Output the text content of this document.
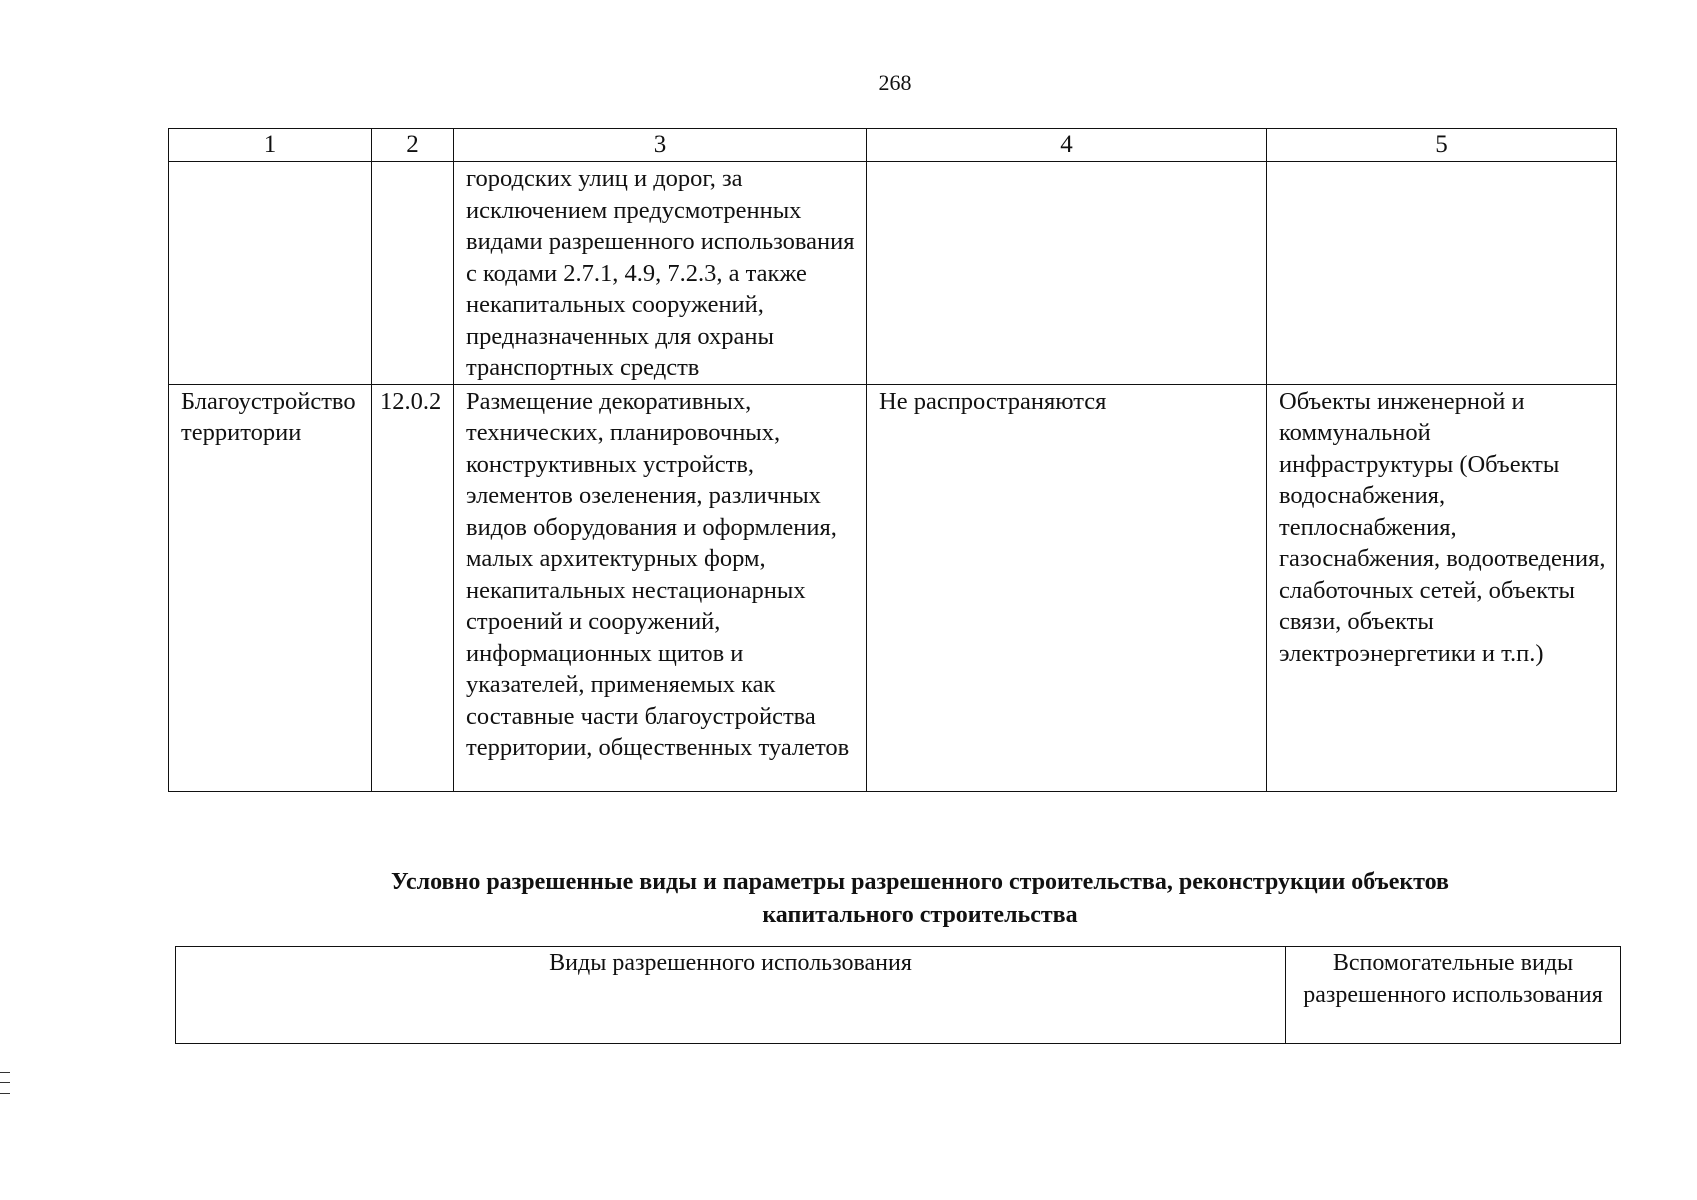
268
1	2	3	4	5
		городских улиц и дорог, за исключением предусмотренных видами разрешенного использования с кодами 2.7.1, 4.9, 7.2.3, а также некапитальных сооружений, предназначенных для охраны транспортных средств		
Благоустройство территории	12.0.2	Размещение декоративных, технических, планировочных, конструктивных устройств, элементов озеленения, различных видов оборудования и оформления, малых архитектурных форм, некапитальных нестационарных строений и сооружений, информационных щитов и указателей, применяемых как составные части благоустройства территории, общественных туалетов	Не распространяются	Объекты инженерной и коммунальной инфраструктуры (Объекты водоснабжения, теплоснабжения, газоснабжения, водоотведения, слаботочных сетей, объекты связи, объекты электроэнергетики и т.п.)
Условно разрешенные виды и параметры разрешенного строительства, реконструкции объектов
капитального строительства
Виды разрешенного использования	Вспомогательные виды разрешенного использования
